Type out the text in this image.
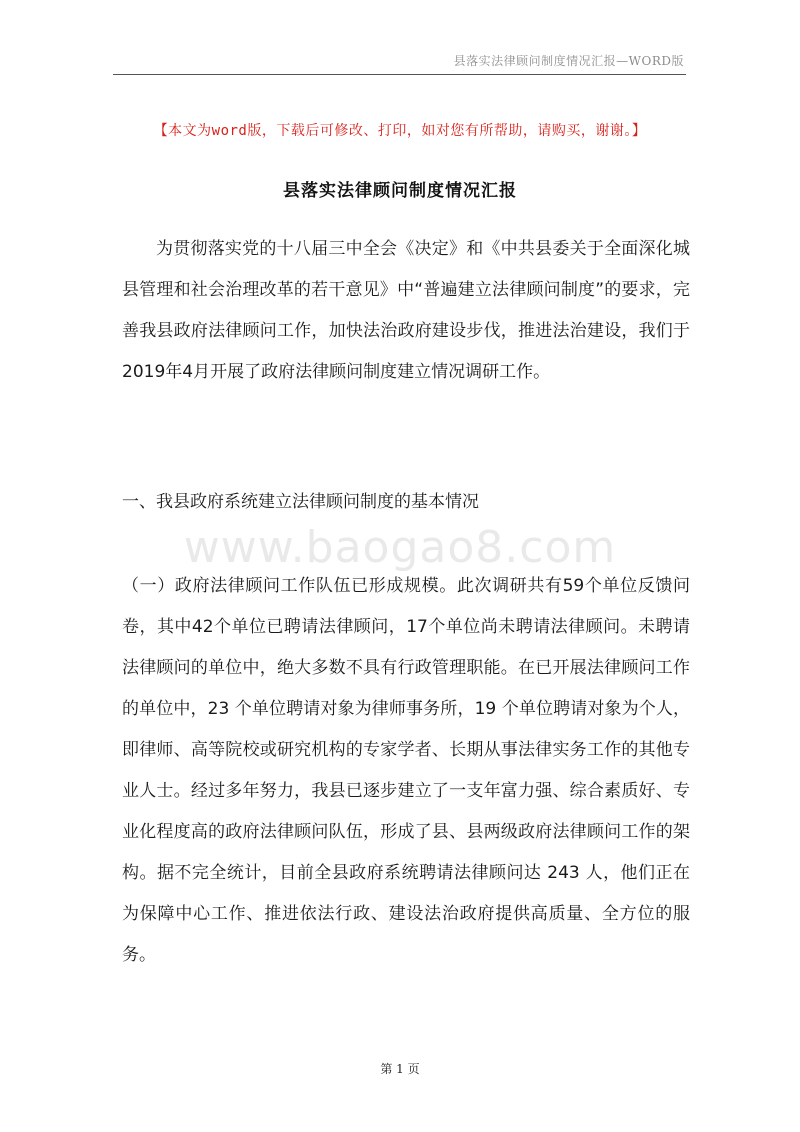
县落实法律顾问制度情况汇报—WORD版
【本文为word版，下载后可修改、打印，如对您有所帮助，请购买，谢谢。】
县落实法律顾问制度情况汇报

为贯彻落实党的十八届三中全会《决定》和《中共县委关于全面深化城县管理和社会治理改革的若干意见》中“普遍建立法律顾问制度”的要求，完善我县政府法律顾问工作，加快法治政府建设步伐，推进法治建设，我们于2019年4月开展了政府法律顾问制度建立情况调研工作。

一、我县政府系统建立法律顾问制度的基本情况
www.baogao8.com

（一）政府法律顾问工作队伍已形成规模。此次调研共有59个单位反馈问卷，其中42个单位已聘请法律顾问，17个单位尚未聘请法律顾问。未聘请法律顾问的单位中，绝大多数不具有行政管理职能。在已开展法律顾问工作的单位中，23 个单位聘请对象为律师事务所，19 个单位聘请对象为个人，即律师、高等院校或研究机构的专家学者、长期从事法律实务工作的其他专业人士。经过多年努力，我县已逐步建立了一支年富力强、综合素质好、专业化程度高的政府法律顾问队伍，形成了县、县两级政府法律顾问工作的架构。据不完全统计，目前全县政府系统聘请法律顾问达 243 人，他们正在为保障中心工作、推进依法行政、建设法治政府提供高质量、全方位的服务。

第 1 页
